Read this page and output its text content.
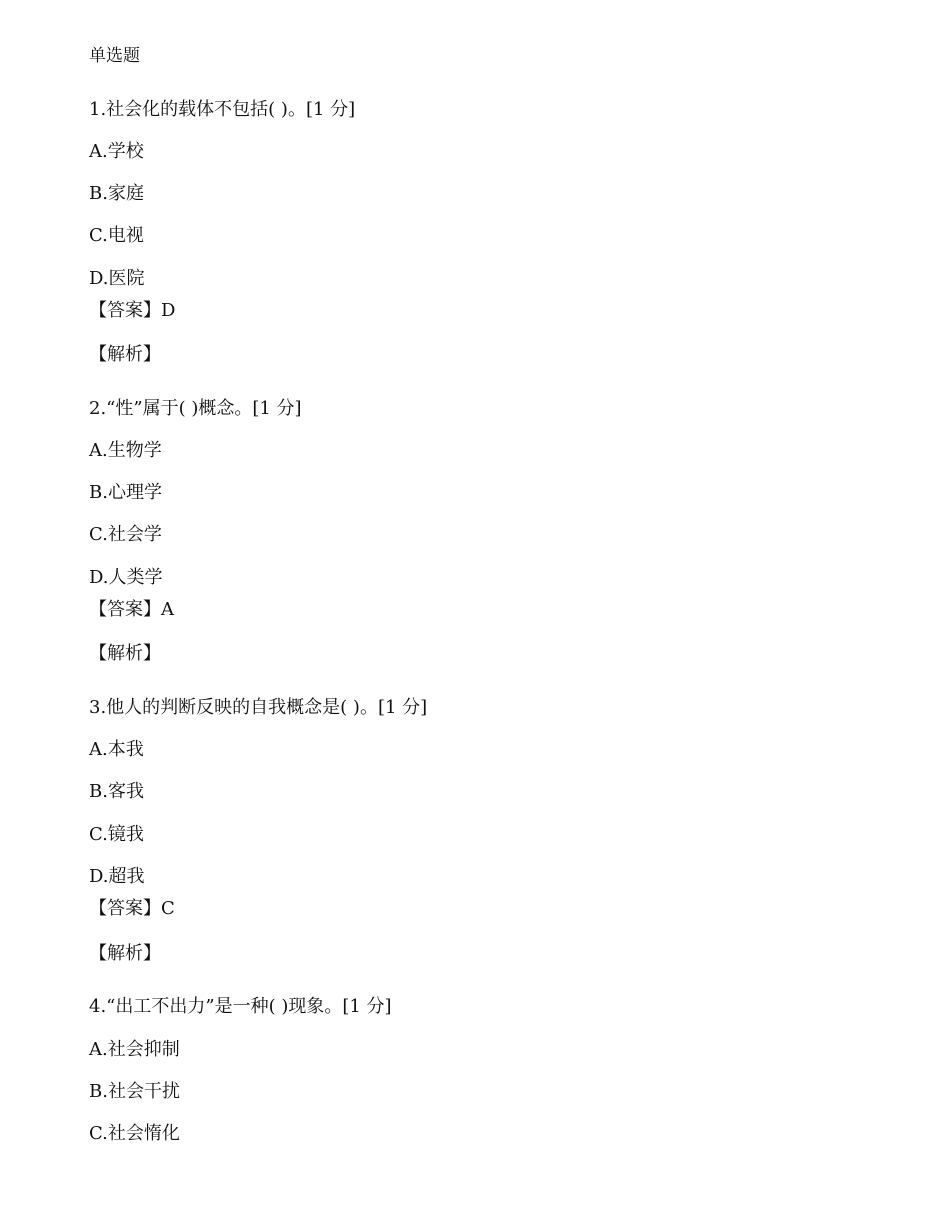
单选题
1.社会化的载体不包括( )。[1 分]
A.学校
B.家庭
C.电视
D.医院
【答案】D
【解析】
2.“性”属于( )概念。[1 分]
A.生物学
B.心理学
C.社会学
D.人类学
【答案】A
【解析】
3.他人的判断反映的自我概念是( )。[1 分]
A.本我
B.客我
C.镜我
D.超我
【答案】C
【解析】
4.“出工不出力”是一种( )现象。[1 分]
A.社会抑制
B.社会干扰
C.社会惰化
